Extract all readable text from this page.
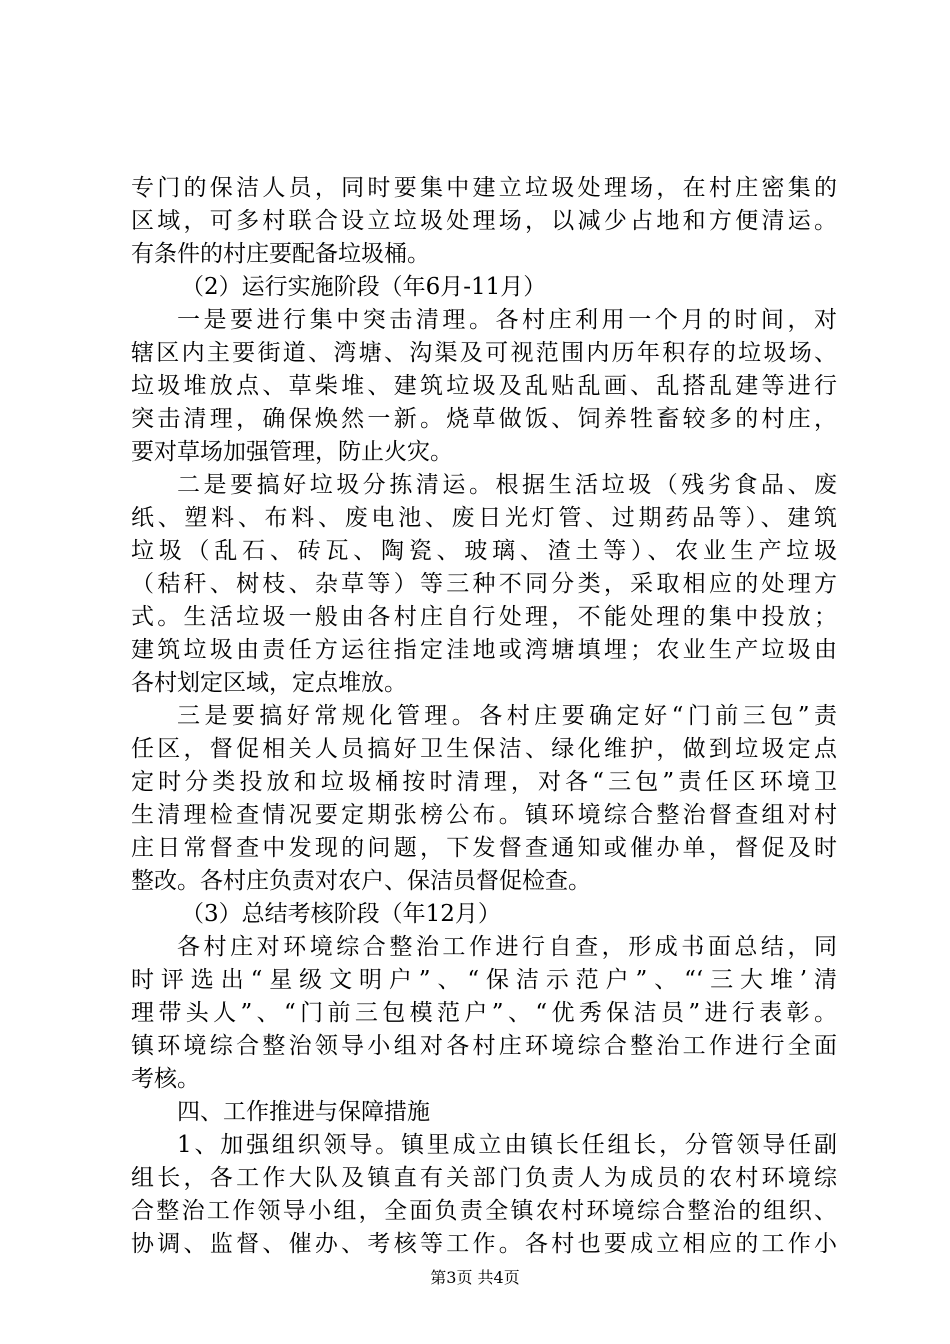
专门的保洁人员，同时要集中建立垃圾处理场，在村庄密集的
区域，可多村联合设立垃圾处理场，以减少占地和方便清运。
有条件的村庄要配备垃圾桶。
（2）运行实施阶段（年6月-11月）
一是要进行集中突击清理。各村庄利用一个月的时间，对
辖区内主要街道、湾塘、沟渠及可视范围内历年积存的垃圾场、
垃圾堆放点、草柴堆、建筑垃圾及乱贴乱画、乱搭乱建等进行
突击清理，确保焕然一新。烧草做饭、饲养牲畜较多的村庄，
要对草场加强管理，防止火灾。
二是要搞好垃圾分拣清运。根据生活垃圾（残劣食品、废
纸、塑料、布料、废电池、废日光灯管、过期药品等）、建筑
垃圾（乱石、砖瓦、陶瓷、玻璃、渣土等）、农业生产垃圾
（秸秆、树枝、杂草等）等三种不同分类，采取相应的处理方
式。生活垃圾一般由各村庄自行处理，不能处理的集中投放；
建筑垃圾由责任方运往指定洼地或湾塘填埋；农业生产垃圾由
各村划定区域，定点堆放。
三是要搞好常规化管理。各村庄要确定好“门前三包”责
任区，督促相关人员搞好卫生保洁、绿化维护，做到垃圾定点
定时分类投放和垃圾桶按时清理，对各“三包”责任区环境卫
生清理检查情况要定期张榜公布。镇环境综合整治督查组对村
庄日常督查中发现的问题，下发督查通知或催办单，督促及时
整改。各村庄负责对农户、保洁员督促检查。
（3）总结考核阶段（年12月）
各村庄对环境综合整治工作进行自查，形成书面总结，同
时评选出“星级文明户”、“保洁示范户”、“‘三大堆’清
理带头人”、“门前三包模范户”、“优秀保洁员”进行表彰。
镇环境综合整治领导小组对各村庄环境综合整治工作进行全面
考核。
四、工作推进与保障措施
1、加强组织领导。镇里成立由镇长任组长，分管领导任副
组长，各工作大队及镇直有关部门负责人为成员的农村环境综
合整治工作领导小组，全面负责全镇农村环境综合整治的组织、
协调、监督、催办、考核等工作。各村也要成立相应的工作小
第3页 共4页
